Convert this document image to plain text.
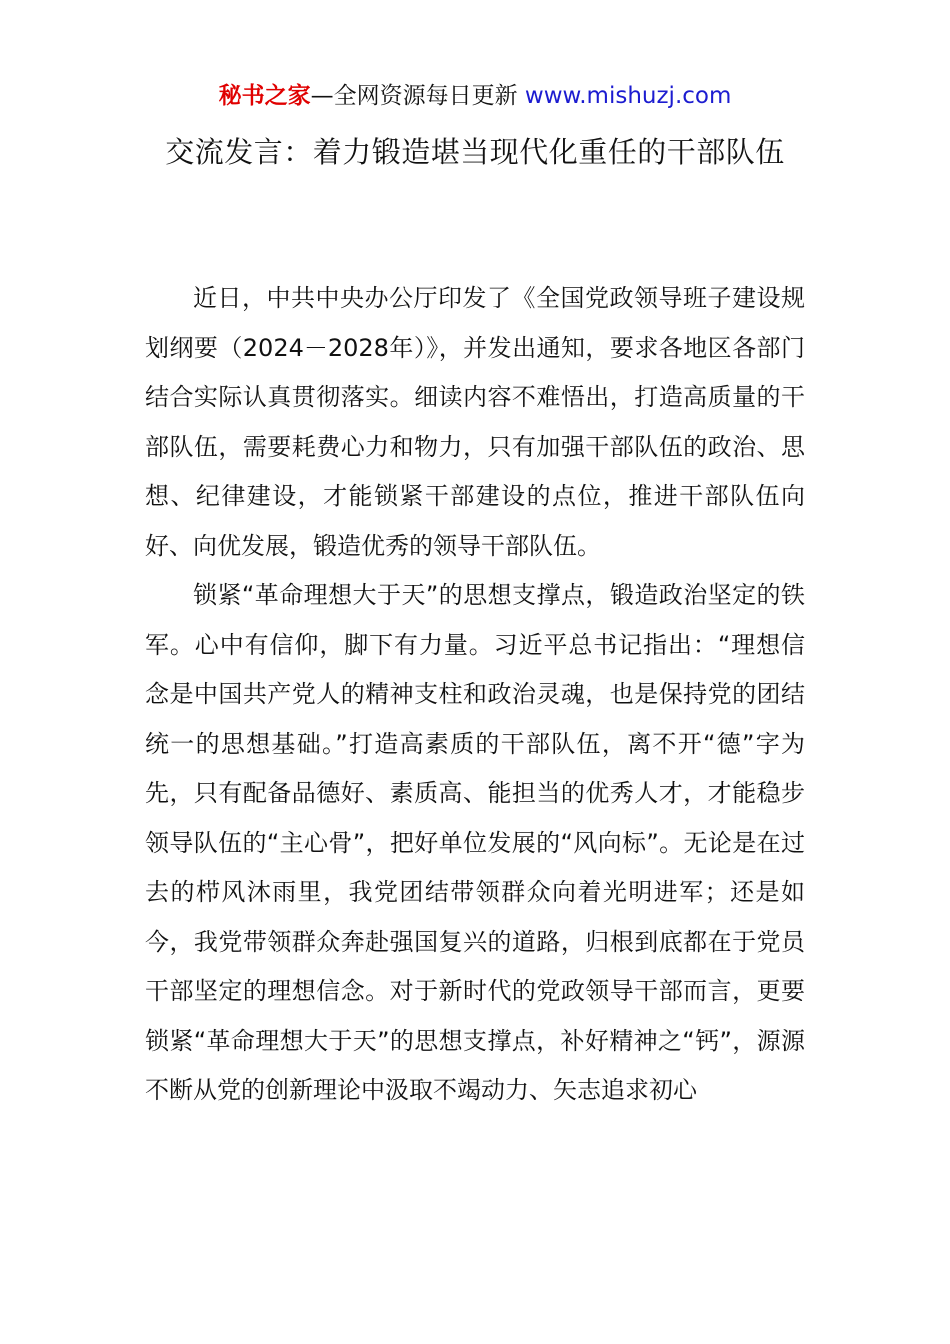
秘书之家—全网资源每日更新 www.mishuzj.com
交流发言：着力锻造堪当现代化重任的干部队伍

近日，中共中央办公厅印发了《全国党政领导班子建设规划纲要（2024－2028年）》，并发出通知，要求各地区各部门结合实际认真贯彻落实。细读内容不难悟出，打造高质量的干部队伍，需要耗费心力和物力，只有加强干部队伍的政治、思想、纪律建设，才能锁紧干部建设的点位，推进干部队伍向好、向优发展，锻造优秀的领导干部队伍。

锁紧“革命理想大于天”的思想支撑点，锻造政治坚定的铁军。心中有信仰，脚下有力量。习近平总书记指出：“理想信念是中国共产党人的精神支柱和政治灵魂，也是保持党的团结统一的思想基础。”打造高素质的干部队伍，离不开“德”字为先，只有配备品德好、素质高、能担当的优秀人才，才能稳步领导队伍的“主心骨”，把好单位发展的“风向标”。无论是在过去的栉风沐雨里，我党团结带领群众向着光明进军；还是如今，我党带领群众奔赴强国复兴的道路，归根到底都在于党员干部坚定的理想信念。对于新时代的党政领导干部而言，更要锁紧“革命理想大于天”的思想支撑点，补好精神之“钙”，源源不断从党的创新理论中汲取不竭动力、矢志追求初心
